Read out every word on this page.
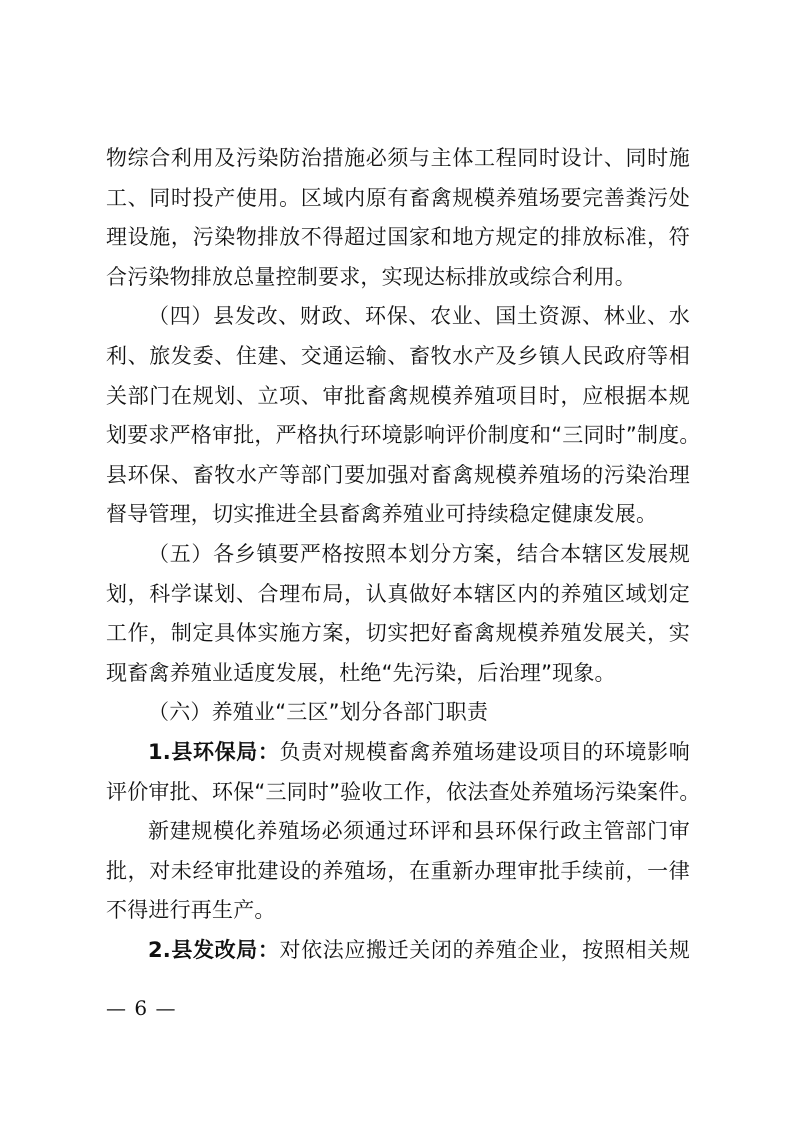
物综合利用及污染防治措施必须与主体工程同时设计、同时施
工、同时投产使用。区域内原有畜禽规模养殖场要完善粪污处
理设施，污染物排放不得超过国家和地方规定的排放标准，符
合污染物排放总量控制要求，实现达标排放或综合利用。
（四）县发改、财政、环保、农业、国土资源、林业、水
利、旅发委、住建、交通运输、畜牧水产及乡镇人民政府等相
关部门在规划、立项、审批畜禽规模养殖项目时，应根据本规
划要求严格审批，严格执行环境影响评价制度和“三同时”制度。
县环保、畜牧水产等部门要加强对畜禽规模养殖场的污染治理
督导管理，切实推进全县畜禽养殖业可持续稳定健康发展。
（五）各乡镇要严格按照本划分方案，结合本辖区发展规
划，科学谋划、合理布局，认真做好本辖区内的养殖区域划定
工作，制定具体实施方案，切实把好畜禽规模养殖发展关，实
现畜禽养殖业适度发展，杜绝“先污染，后治理”现象。
（六）养殖业“三区”划分各部门职责
1.县环保局：负责对规模畜禽养殖场建设项目的环境影响
评价审批、环保“三同时”验收工作，依法查处养殖场污染案件。
新建规模化养殖场必须通过环评和县环保行政主管部门审
批，对未经审批建设的养殖场，在重新办理审批手续前，一律
不得进行再生产。
2.县发改局：对依法应搬迁关闭的养殖企业，按照相关规
— 6 —
